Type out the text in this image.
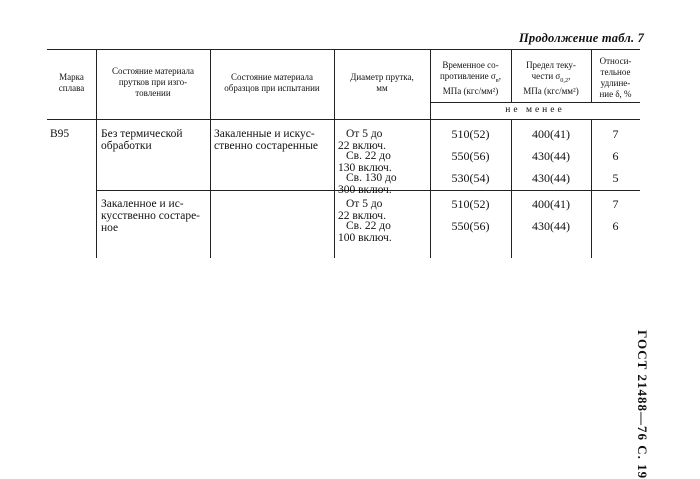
Продолжение табл. 7
Марка
сплава
Состояние материала
прутков при изго-
товлении
Состояние материала
образцов при испытании
Диаметр прутка,
мм
Временное со-
противление $\sigma_в$,
МПа (кгс/мм²)
Предел теку-
чести $\sigma_{0,2}$,
МПа (кгс/мм²)
Относи-
тельное
удлине-
ние δ, %
не менее
В95	Без термической
обработки
Закаленные и искус-
ственно состаренные
От 5 до
22 включ.
Св. 22 до
130 включ.
Св. 130 до
300 включ.
510(52)
550(56)
530(54)
400(41)
430(44)
430(44)
7
6
5
Закаленное и ис-
кусственно состаре-
ное
От 5 до
22 включ.
Св. 22 до
100 включ.
510(52)
550(56)
400(41)
430(44)
7
6
ГОСТ 21488—76 С. 19
